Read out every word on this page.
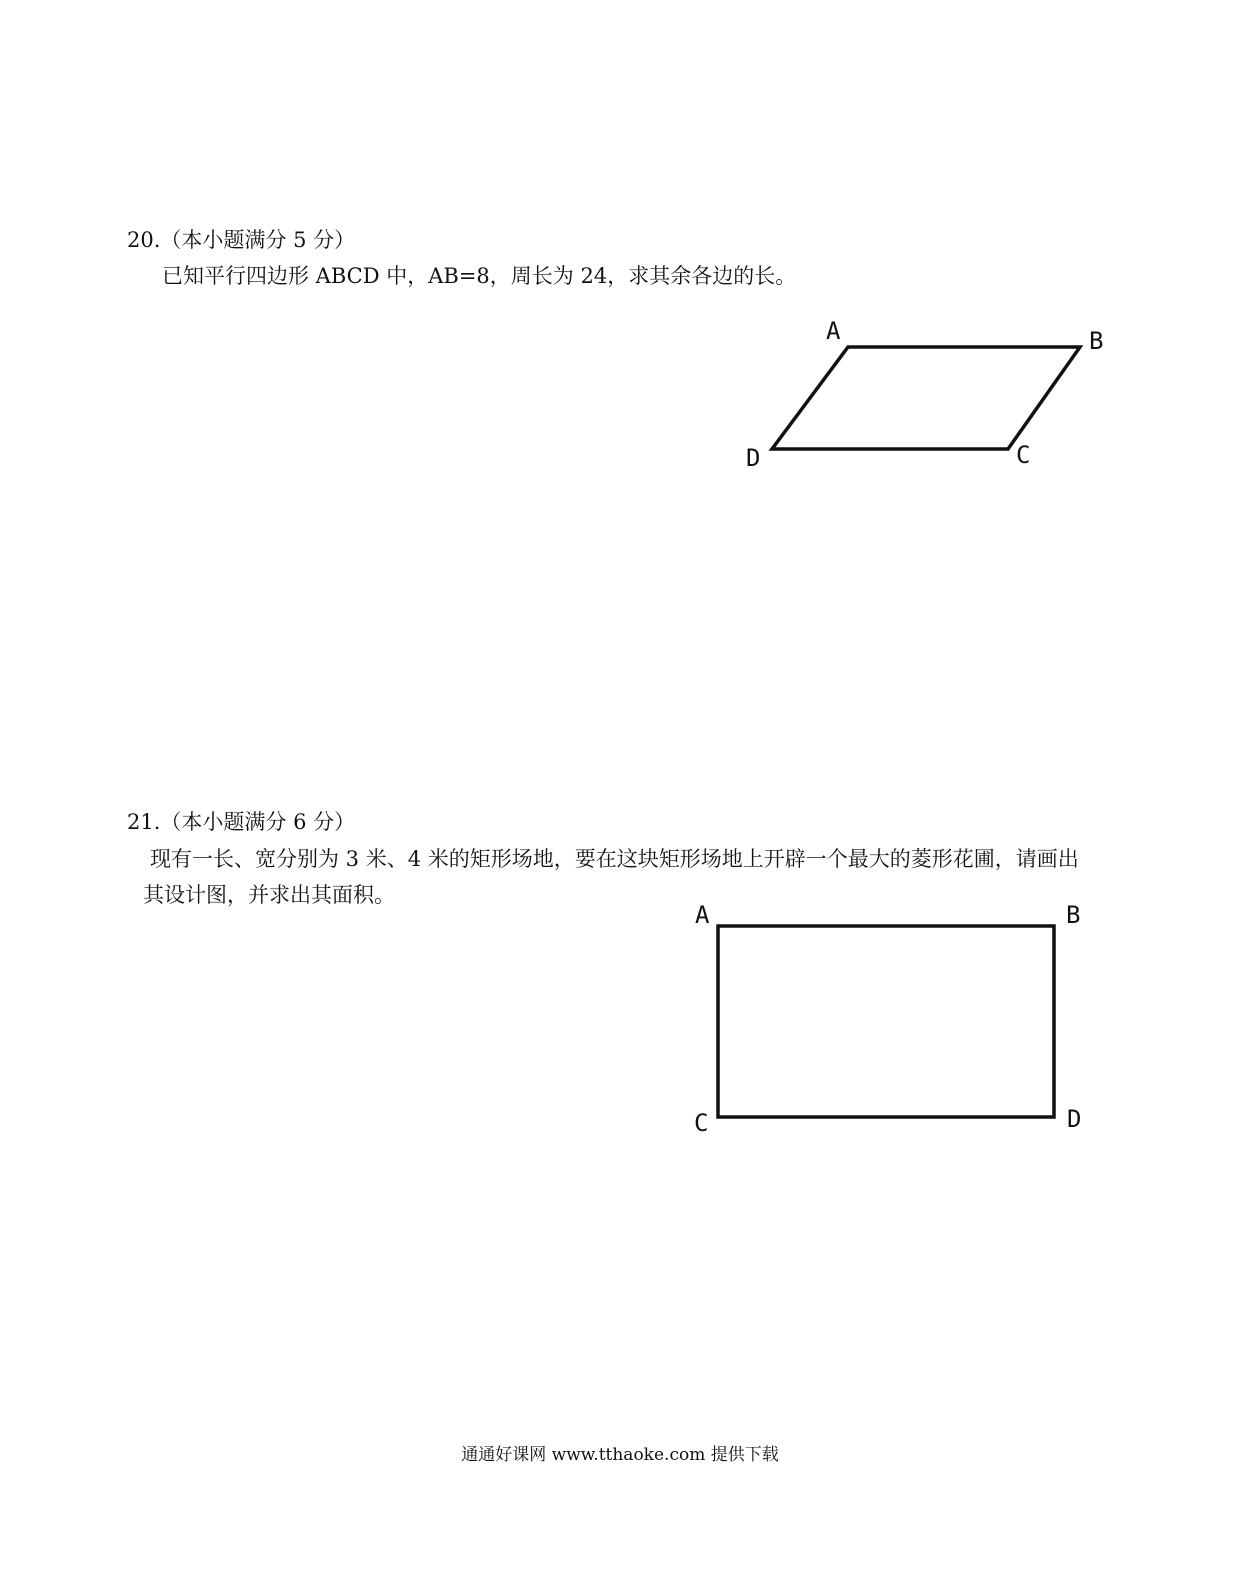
20.（本小题满分 5 分）
已知平行四边形 ABCD 中，AB=8，周长为 24，求其余各边的长。
A	B
C
D
21.（本小题满分 6 分）
现有一长、宽分别为 3 米、4 米的矩形场地，要在这块矩形场地上开辟一个最大的菱形花圃，请画出
其设计图，并求出其面积。
A	B
C	D
通通好课网 www.tthaoke.com 提供下载
